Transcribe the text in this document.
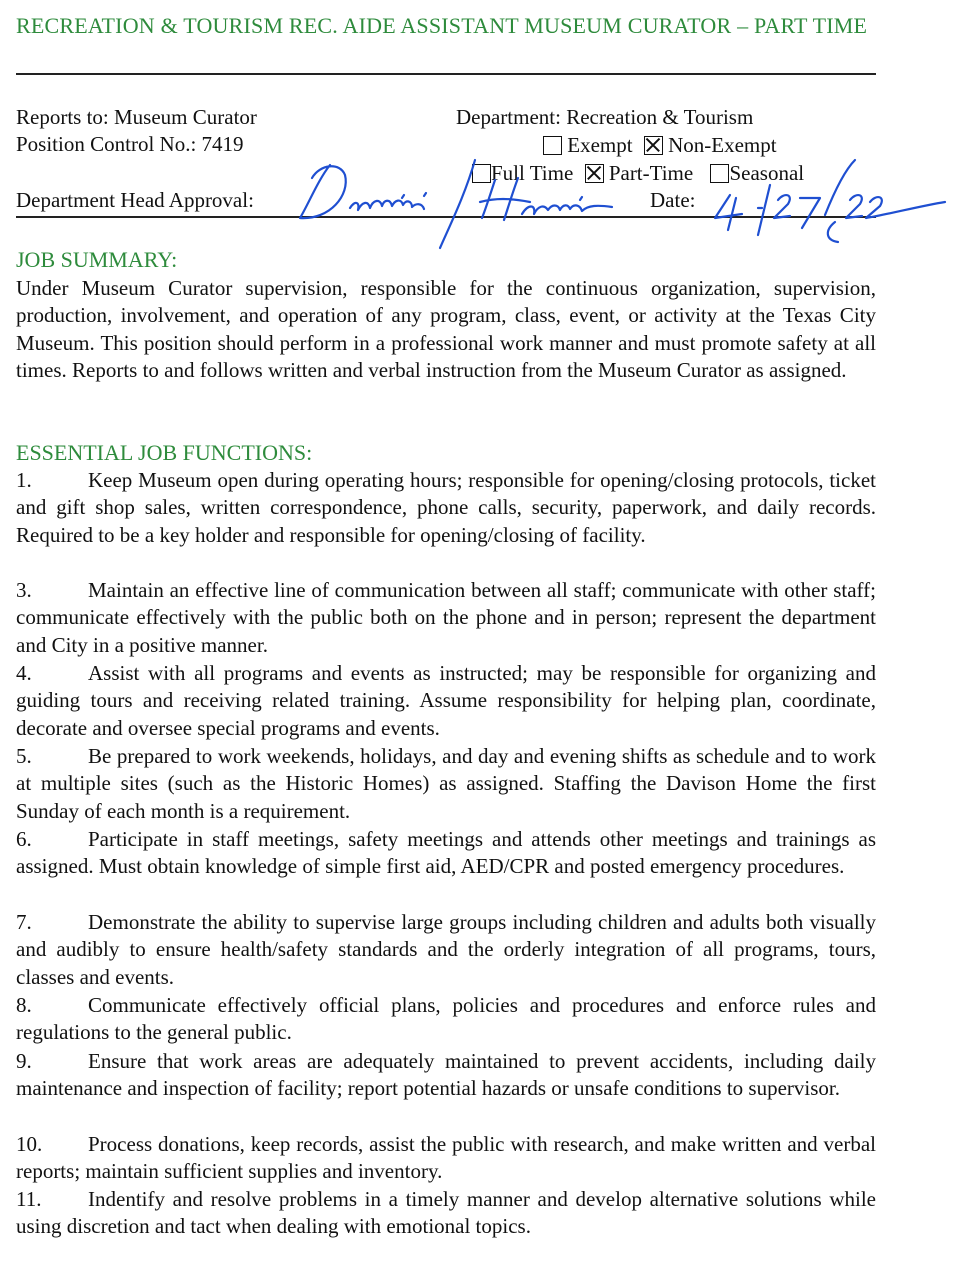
RECREATION & TOURISM REC. AIDE ASSISTANT MUSEUM CURATOR – PART TIME
Reports to: Museum Curator
Position Control No.: 7419
Department: Recreation & Tourism
Exempt Non-Exempt
Full Time Part-Time Seasonal
Department Head Approval:	Date:
JOB SUMMARY:
Under Museum Curator supervision, responsible for the continuous organization, supervision, production, involvement, and operation of any program, class, event, or activity at the Texas City Museum. This position should perform in a professional work manner and must promote safety at all times. Reports to and follows written and verbal instruction from the Museum Curator as assigned.
ESSENTIAL JOB FUNCTIONS:
1.	Keep Museum open during operating hours; responsible for opening/closing protocols, ticket and gift shop sales, written correspondence, phone calls, security, paperwork, and daily records. Required to be a key holder and responsible for opening/closing of facility.
3.	Maintain an effective line of communication between all staff; communicate with other staff; communicate effectively with the public both on the phone and in person; represent the department and City in a positive manner.
4.	Assist with all programs and events as instructed; may be responsible for organizing and guiding tours and receiving related training. Assume responsibility for helping plan, coordinate, decorate and oversee special programs and events.
5.	Be prepared to work weekends, holidays, and day and evening shifts as schedule and to work at multiple sites (such as the Historic Homes) as assigned. Staffing the Davison Home the first Sunday of each month is a requirement.
6.	Participate in staff meetings, safety meetings and attends other meetings and trainings as assigned. Must obtain knowledge of simple first aid, AED/CPR and posted emergency procedures.
7.	Demonstrate the ability to supervise large groups including children and adults both visually and audibly to ensure health/safety standards and the orderly integration of all programs, tours, classes and events.
8.	Communicate effectively official plans, policies and procedures and enforce rules and regulations to the general public.
9.	Ensure that work areas are adequately maintained to prevent accidents, including daily maintenance and inspection of facility; report potential hazards or unsafe conditions to supervisor.
10. Process donations, keep records, assist the public with research, and make written and verbal reports; maintain sufficient supplies and inventory.
11. Indentify and resolve problems in a timely manner and develop alternative solutions while using discretion and tact when dealing with emotional topics.
